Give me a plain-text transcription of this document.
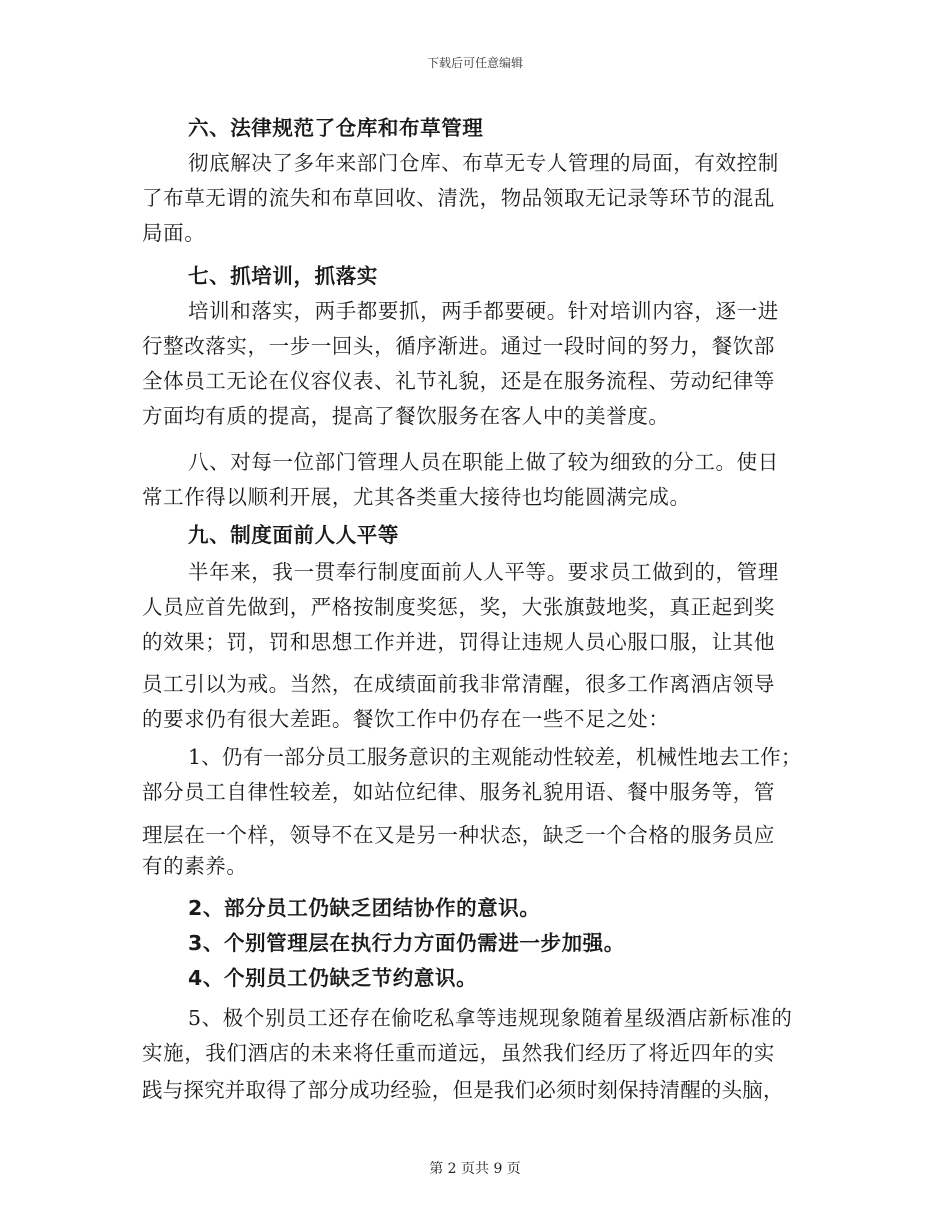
下载后可任意编辑
六、法律规范了仓库和布草管理
彻底解决了多年来部门仓库、布草无专人管理的局面，有效控制
了布草无谓的流失和布草回收、清洗，物品领取无记录等环节的混乱
局面。
七、抓培训，抓落实
培训和落实，两手都要抓，两手都要硬。针对培训内容，逐一进
行整改落实，一步一回头，循序渐进。通过一段时间的努力，餐饮部
全体员工无论在仪容仪表、礼节礼貌，还是在服务流程、劳动纪律等
方面均有质的提高，提高了餐饮服务在客人中的美誉度。
八、对每一位部门管理人员在职能上做了较为细致的分工。使日
常工作得以顺利开展，尤其各类重大接待也均能圆满完成。
九、制度面前人人平等
半年来，我一贯奉行制度面前人人平等。要求员工做到的，管理
人员应首先做到，严格按制度奖惩，奖，大张旗鼓地奖，真正起到奖
的效果；罚，罚和思想工作并进，罚得让违规人员心服口服，让其他
员工引以为戒。当然，在成绩面前我非常清醒，很多工作离酒店领导
的要求仍有很大差距。餐饮工作中仍存在一些不足之处：
1、仍有一部分员工服务意识的主观能动性较差，机械性地去工作；
部分员工自律性较差，如站位纪律、服务礼貌用语、餐中服务等，管
理层在一个样，领导不在又是另一种状态，缺乏一个合格的服务员应
有的素养。
2、部分员工仍缺乏团结协作的意识。
3、个别管理层在执行力方面仍需进一步加强。
4、个别员工仍缺乏节约意识。
5、极个别员工还存在偷吃私拿等违规现象随着星级酒店新标准的
实施，我们酒店的未来将任重而道远，虽然我们经历了将近四年的实
践与探究并取得了部分成功经验，但是我们必须时刻保持清醒的头脑，
第 2 页共 9 页
